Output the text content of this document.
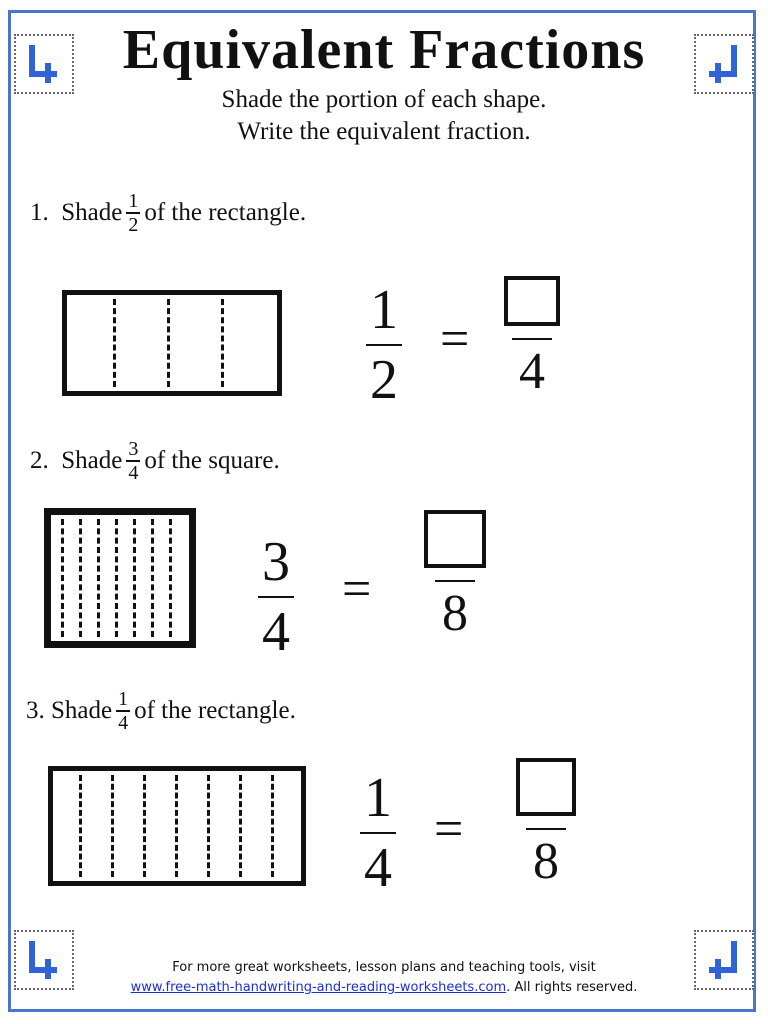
Equivalent Fractions
Shade the portion of each shape.
Write the equivalent fraction.
1.
Shade $\frac{1}{2}$ of the rectangle.
1
2
=
4
2.
Shade $\frac{3}{4}$ of the square.
3
4
= 8
3.
Shade $\frac{1}{4}$ of the rectangle.
1
4
=
8
For more great worksheets, lesson plans and teaching tools, visit
www.free-math-handwriting-and-reading-worksheets.com. All rights reserved.
